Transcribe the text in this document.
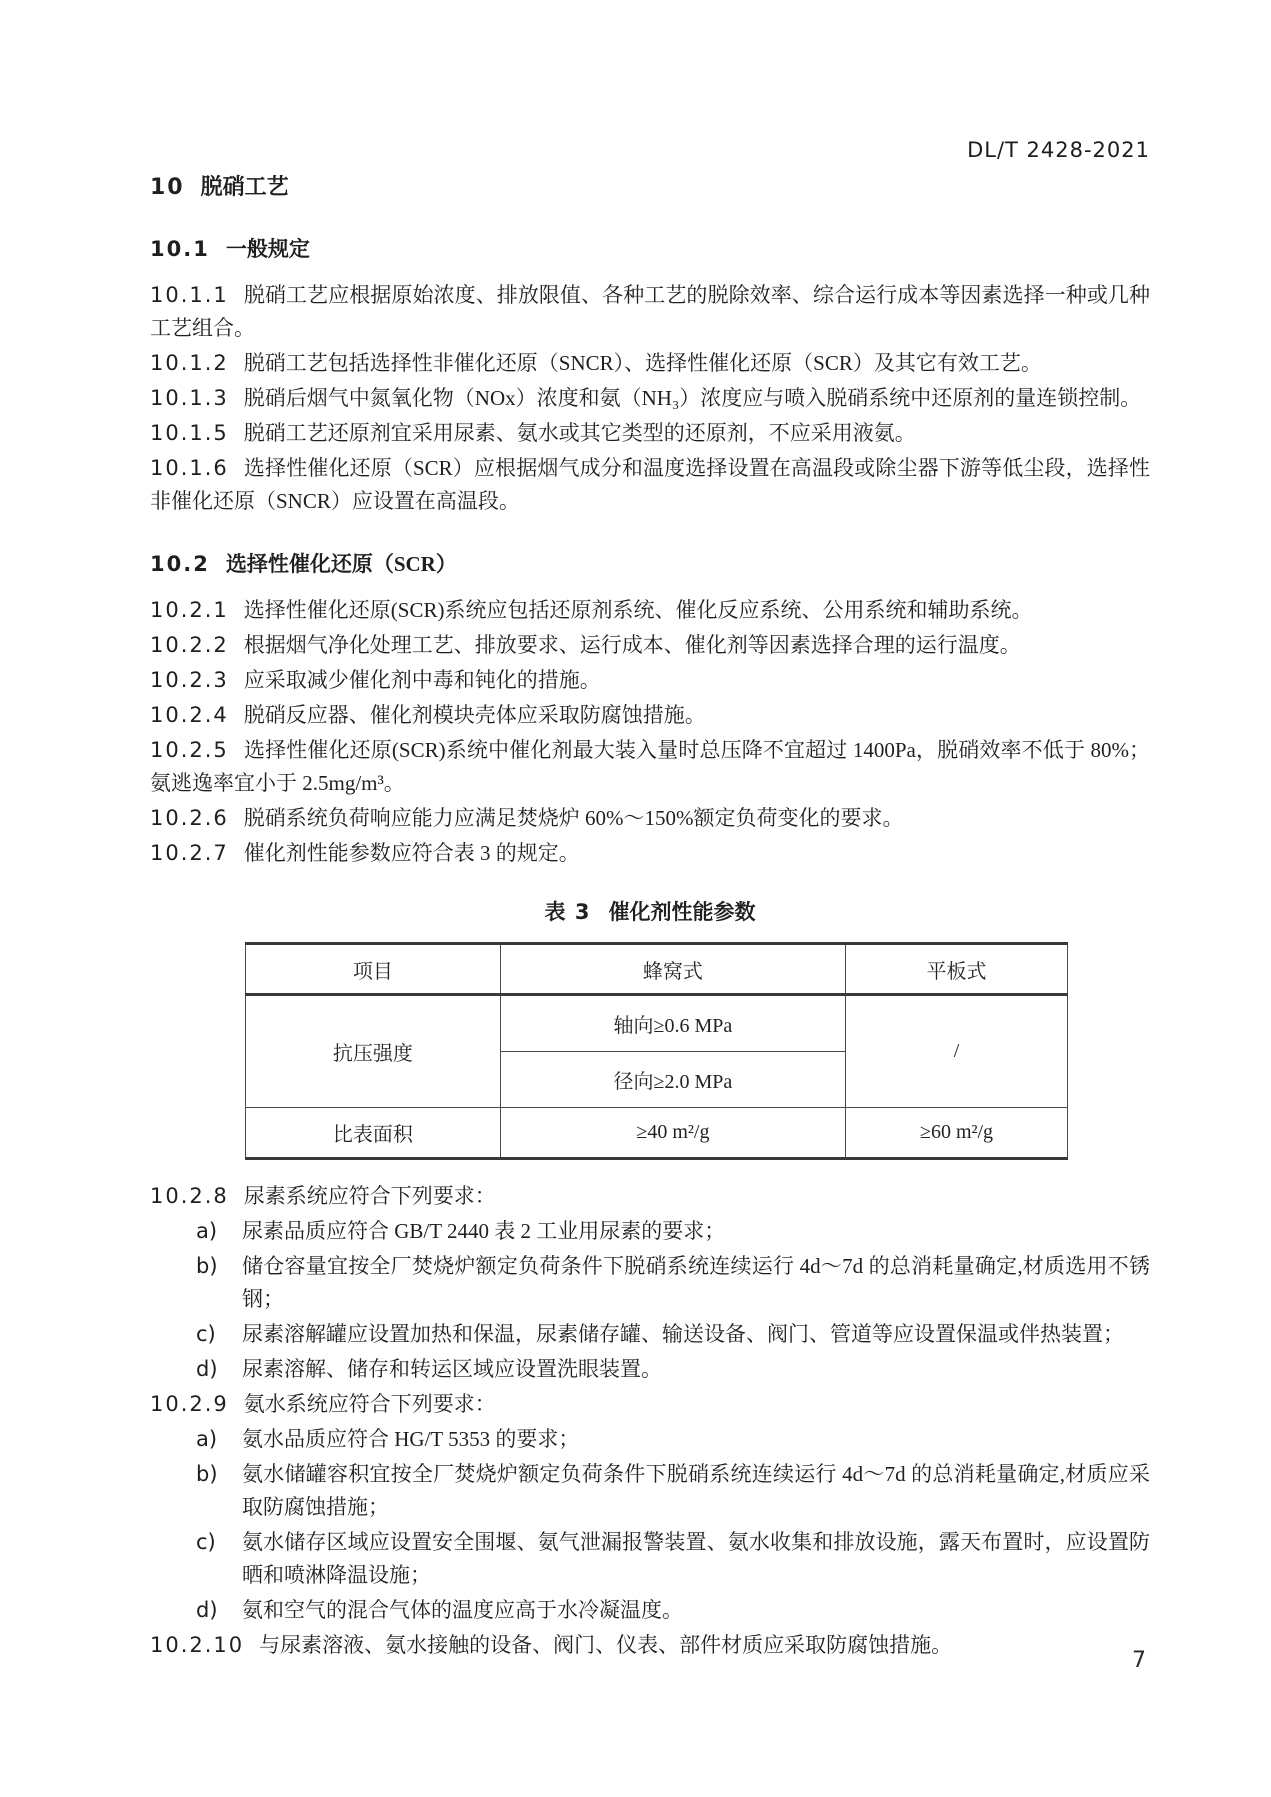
DL/T 2428-2021
10 脱硝工艺
10.1 一般规定

10.1.1 脱硝工艺应根据原始浓度、排放限值、各种工艺的脱除效率、综合运行成本等因素选择一种或几种工艺组合。

10.1.2 脱硝工艺包括选择性非催化还原（SNCR）、选择性催化还原（SCR）及其它有效工艺。

10.1.3 脱硝后烟气中氮氧化物（NOx）浓度和氨（NH₃）浓度应与喷入脱硝系统中还原剂的量连锁控制。

10.1.5 脱硝工艺还原剂宜采用尿素、氨水或其它类型的还原剂，不应采用液氨。

10.1.6 选择性催化还原（SCR）应根据烟气成分和温度选择设置在高温段或除尘器下游等低尘段，选择性非催化还原（SNCR）应设置在高温段。

10.2 选择性催化还原（SCR）

10.2.1 选择性催化还原(SCR)系统应包括还原剂系统、催化反应系统、公用系统和辅助系统。

10.2.2 根据烟气净化处理工艺、排放要求、运行成本、催化剂等因素选择合理的运行温度。

10.2.3 应采取减少催化剂中毒和钝化的措施。

10.2.4 脱硝反应器、催化剂模块壳体应采取防腐蚀措施。

10.2.5 选择性催化还原(SCR)系统中催化剂最大装入量时总压降不宜超过 1400Pa，脱硝效率不低于 80%；氨逃逸率宜小于 2.5mg/m³。

10.2.6 脱硝系统负荷响应能力应满足焚烧炉 60%～150%额定负荷变化的要求。

10.2.7 催化剂性能参数应符合表 3 的规定。

表 3 催化剂性能参数
项目	蜂窝式	平板式
抗压强度	轴向≥0.6 MPa	/
	径向≥2.0 MPa	
比表面积	≥40 m²/g	≥60 m²/g

10.2.8 尿素系统应符合下列要求：

a)	尿素品质应符合 GB/T 2440 表 2 工业用尿素的要求；
b)	储仓容量宜按全厂焚烧炉额定负荷条件下脱硝系统连续运行 4d～7d 的总消耗量确定,材质选用不锈钢；
c)	尿素溶解罐应设置加热和保温，尿素储存罐、输送设备、阀门、管道等应设置保温或伴热装置；
d)	尿素溶解、储存和转运区域应设置洗眼装置。

10.2.9 氨水系统应符合下列要求：

a)	氨水品质应符合 HG/T 5353 的要求；
b)	氨水储罐容积宜按全厂焚烧炉额定负荷条件下脱硝系统连续运行 4d～7d 的总消耗量确定,材质应采取防腐蚀措施；
c)	氨水储存区域应设置安全围堰、氨气泄漏报警装置、氨水收集和排放设施，露天布置时，应设置防晒和喷淋降温设施；
d)	氨和空气的混合气体的温度应高于水冷凝温度。

10.2.10 与尿素溶液、氨水接触的设备、阀门、仪表、部件材质应采取防腐蚀措施。

7
